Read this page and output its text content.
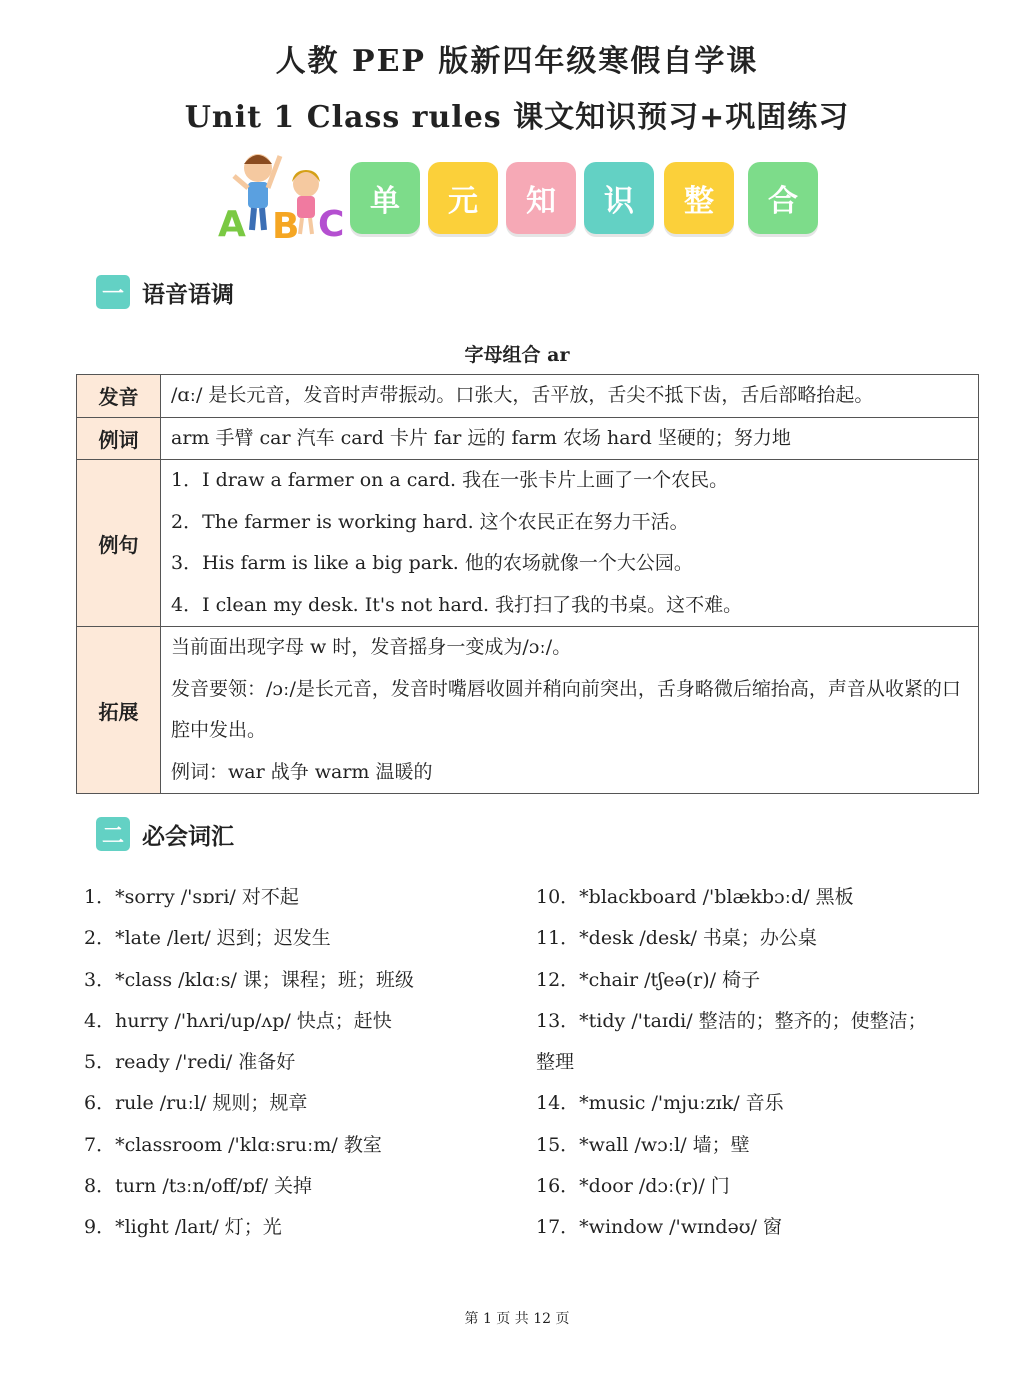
人教 PEP 版新四年级寒假自学课
Unit 1 Class rules 课文知识预习+巩固练习
A B C
单	元	知	识	整	合
一 语音语调
字母组合 ar
发音	/ɑː/ 是长元音，发音时声带振动。口张大，舌平放，舌尖不抵下齿，舌后部略抬起。

例词	arm 手臂 car 汽车 card 卡片 far 远的 farm 农场 hard 坚硬的；努力地

例句	1．I draw a farmer on a card. 我在一张卡片上画了一个农民。
2．The farmer is working hard. 这个农民正在努力干活。
3．His farm is like a big park. 他的农场就像一个大公园。
4．I clean my desk. It's not hard. 我打扫了我的书桌。这不难。

拓展	当前面出现字母 w 时，发音摇身一变成为/ɔː/。
发音要领：/ɔː/是长元音，发音时嘴唇收圆并稍向前突出，舌身略微后缩抬高，声音从收紧的口腔中发出。
例词：war 战争 warm 温暖的
二 必会词汇
1．*sorry /'sɒri/ 对不起
2．*late /leɪt/ 迟到；迟发生
3．*class /klɑːs/ 课；课程；班；班级
4．hurry /'hʌri/up/ʌp/ 快点；赶快
5．ready /'redi/ 准备好
6．rule /ruːl/ 规则；规章
7．*classroom /'klɑːsruːm/ 教室
8．turn /tɜːn/off/ɒf/ 关掉
9．*light /laɪt/ 灯；光
10．*blackboard /'blækbɔːd/ 黑板
11．*desk /desk/ 书桌；办公桌
12．*chair /tʃeə(r)/ 椅子
13．*tidy /'taɪdi/ 整洁的；整齐的；使整洁；
整理
14．*music /'mjuːzɪk/ 音乐
15．*wall /wɔːl/ 墙；壁
16．*door /dɔː(r)/ 门
17．*window /'wɪndəʊ/ 窗
第 1 页 共 12 页
